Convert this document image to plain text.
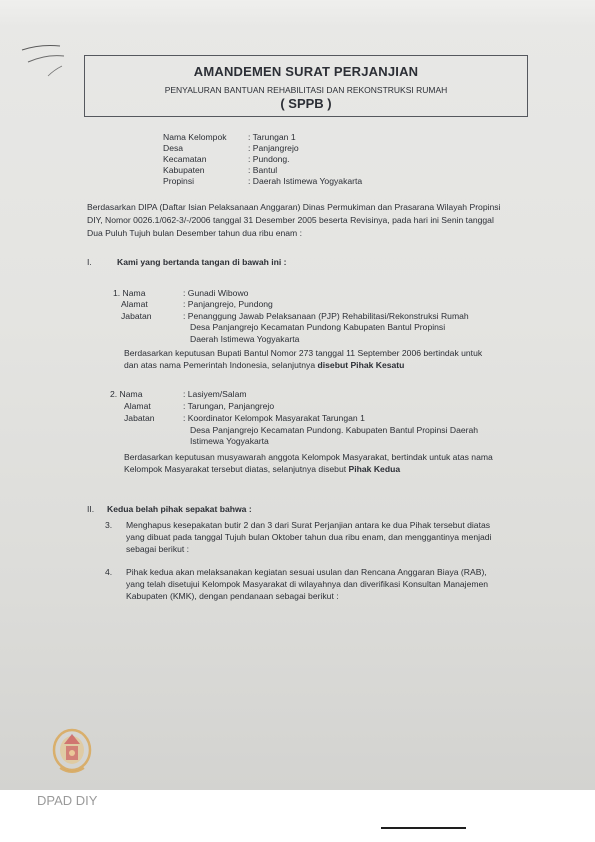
AMANDEMEN SURAT PERJANJIAN
PENYALURAN BANTUAN REHABILITASI DAN REKONSTRUKSI RUMAH
( SPPB )
Nama Kelompok : Tarungan 1
Desa	: Panjangrejo
Kecamatan	: Pundong.
Kabupaten	: Bantul
Propinsi	: Daerah Istimewa Yogyakarta
Berdasarkan DIPA (Daftar Isian Pelaksanaan Anggaran) Dinas Permukiman dan Prasarana Wilayah Propinsi
DIY, Nomor 0026.1/062-3/-/2006 tanggal 31 Desember 2005 beserta Revisinya, pada hari ini Senin tanggal
Dua Puluh Tujuh bulan Desember tahun dua ribu enam :
I.	Kami yang bertanda tangan di bawah ini :
1. Nama	: Gunadi Wibowo
Alamat	: Panjangrejo, Pundong
Jabatan	: Penanggung Jawab Pelaksanaan (PJP) Rehabilitasi/Rekonstruksi Rumah
Desa Panjangrejo Kecamatan Pundong Kabupaten Bantul Propinsi
Daerah Istimewa Yogyakarta
Berdasarkan keputusan Bupati Bantul Nomor 273 tanggal 11 September 2006 bertindak untuk
dan atas nama Pemerintah Indonesia, selanjutnya disebut Pihak Kesatu
2. Nama	: Lasiyem/Salam
Alamat	: Tarungan, Panjangrejo
Jabatan	: Koordinator Kelompok Masyarakat Tarungan 1
Desa Panjangrejo Kecamatan Pundong. Kabupaten Bantul Propinsi Daerah
Istimewa Yogyakarta
Berdasarkan keputusan musyawarah anggota Kelompok Masyarakat, bertindak untuk atas nama
Kelompok Masyarakat tersebut diatas, selanjutnya disebut Pihak Kedua
II. Kedua belah pihak sepakat bahwa :
3. Menghapus kesepakatan butir 2 dan 3 dari Surat Perjanjian antara ke dua Pihak tersebut diatas
yang dibuat pada tanggal Tujuh bulan Oktober tahun dua ribu enam, dan menggantinya menjadi
sebagai berikut :
4. Pihak kedua akan melaksanakan kegiatan sesuai usulan dan Rencana Anggaran Biaya (RAB),
yang telah disetujui Kelompok Masyarakat di wilayahnya dan diverifikasi Konsultan Manajemen
Kabupaten (KMK), dengan pendanaan sebagai berikut :
DPAD DIY
